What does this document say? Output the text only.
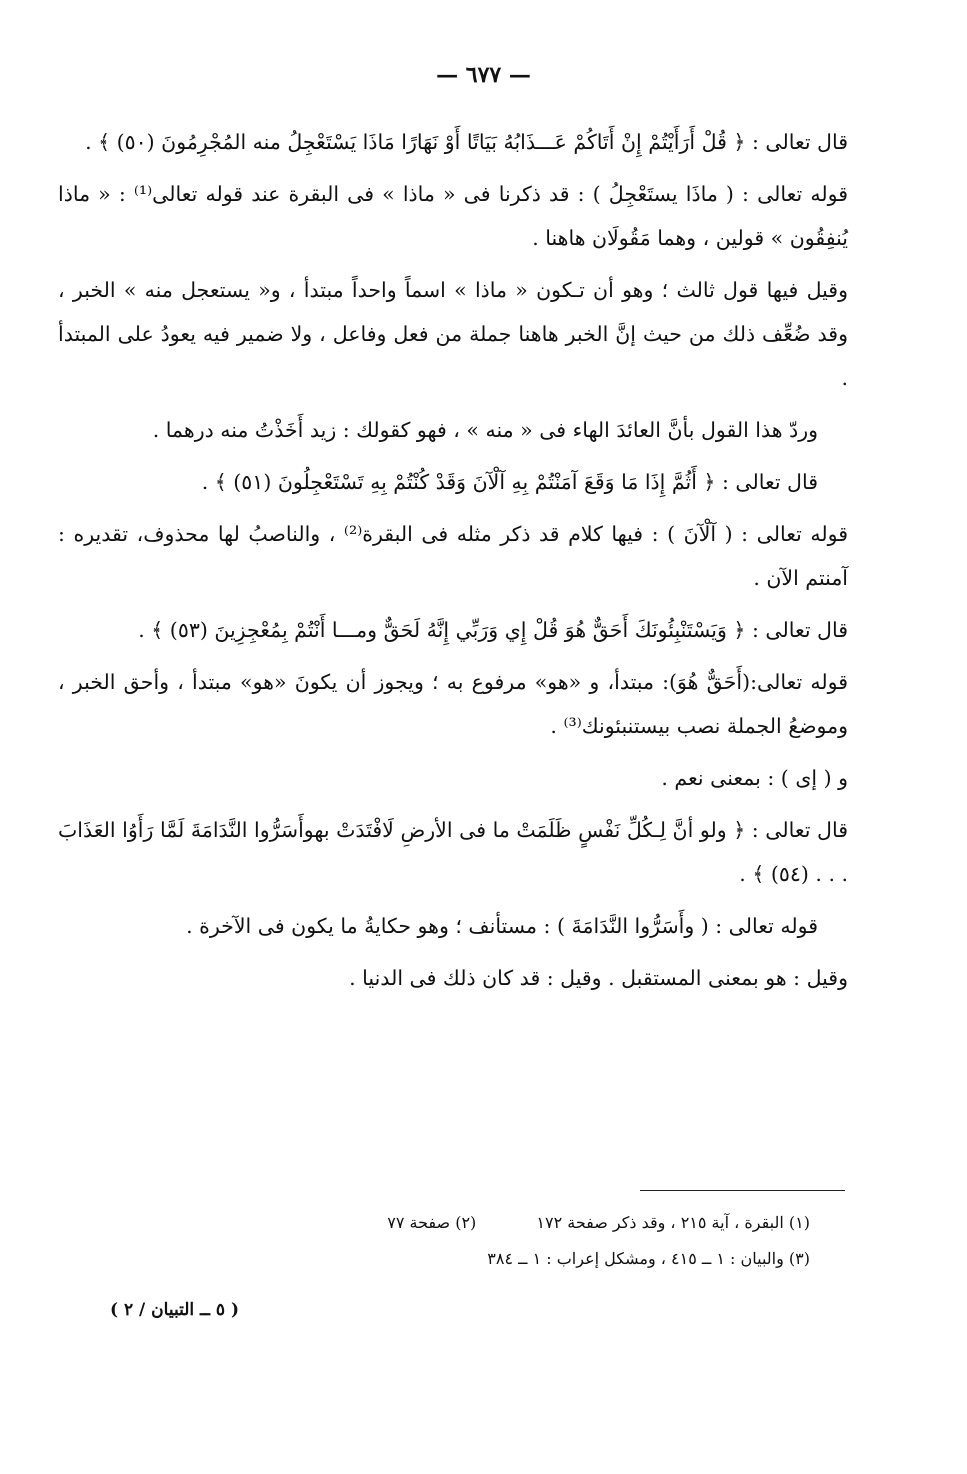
— ٦٧٧ —

قال تعالى : ﴿ قُلْ أَرَأَيْتُمْ إِنْ أَتَاكُمْ عَـــذَابُهُ بَيَاتًا أَوْ نَهَارًا مَاذَا يَسْتَعْجِلُ منه المُجْرِمُونَ (٥٠) ﴾ .

قوله تعالى : ( ماذَا يستَعْجِلُ ) : قد ذكرنا فى « ماذا » فى البقرة عند قوله تعالى⁽¹⁾ : « ماذا يُنفِقُون » قولين ، وهما مَقُولَان هاهنا .

وقيل فيها قول ثالث ؛ وهو أن تـكون « ماذا » اسماً واحداً مبتدأ ، و« يستعجل منه » الخبر ، وقد ضُعِّف ذلك من حيث إنَّ الخبر هاهنا جملة من فعل وفاعل ، ولا ضمير فيه يعودُ على المبتدأ .

وردّ هذا القول بأنَّ العائدَ الهاء فى « منه » ، فهو كقولك : زيد أَخَذْتُ منه درهما .

قال تعالى : ﴿ أَثُمَّ إِذَا مَا وَقَعَ آمَنْتُمْ بِهِ آلْآنَ وَقَدْ كُنْتُمْ بِهِ تَسْتَعْجِلُونَ (٥١) ﴾ .

قوله تعالى : ( آلْآنَ ) : فيها كلام قد ذكر مثله فى البقرة⁽²⁾ ، والناصبُ لها محذوف، تقديره : آمنتم الآن .

قال تعالى : ﴿ وَيَسْتَنْبِئُونَكَ أَحَقٌّ هُوَ قُلْ إِي وَرَبِّي إِنَّهُ لَحَقٌّ ومـــا أَنْتُمْ بِمُعْجِزِينَ (٥٣) ﴾ .

قوله تعالى:(أَحَقٌّ هُوَ): مبتدأ، و «هو» مرفوع به ؛ ويجوز أن يكونَ «هو» مبتدأ ، وأحق الخبر ، وموضعُ الجملة نصب بيستنبئونك⁽³⁾ .

و ( إى ) : بمعنى نعم .

قال تعالى : ﴿ ولو أنَّ لِـكُلِّ نَفْسٍ ظَلَمَتْ ما فى الأرضِ لَافْتَدَتْ بهوأَسَرُّوا النَّدَامَةَ لَمَّا رَأَوُا العَذَابَ . . . (٥٤) ﴾ .

قوله تعالى : ( وأَسَرُّوا النَّدَامَةَ ) : مستأنف ؛ وهو حكايةُ ما يكون فى الآخرة .

وقيل : هو بمعنى المستقبل . وقيل : قد كان ذلك فى الدنيا .

(١) البقرة ، آية ٢١٥ ، وقد ذكر صفحة ١٧٢ (٢) صفحة ٧٧
(٣) والبيان : ١ ــ ٤١٥ ، ومشكل إعراب : ١ ــ ٣٨٤
( ٥ ــ التبيان / ٢ )
